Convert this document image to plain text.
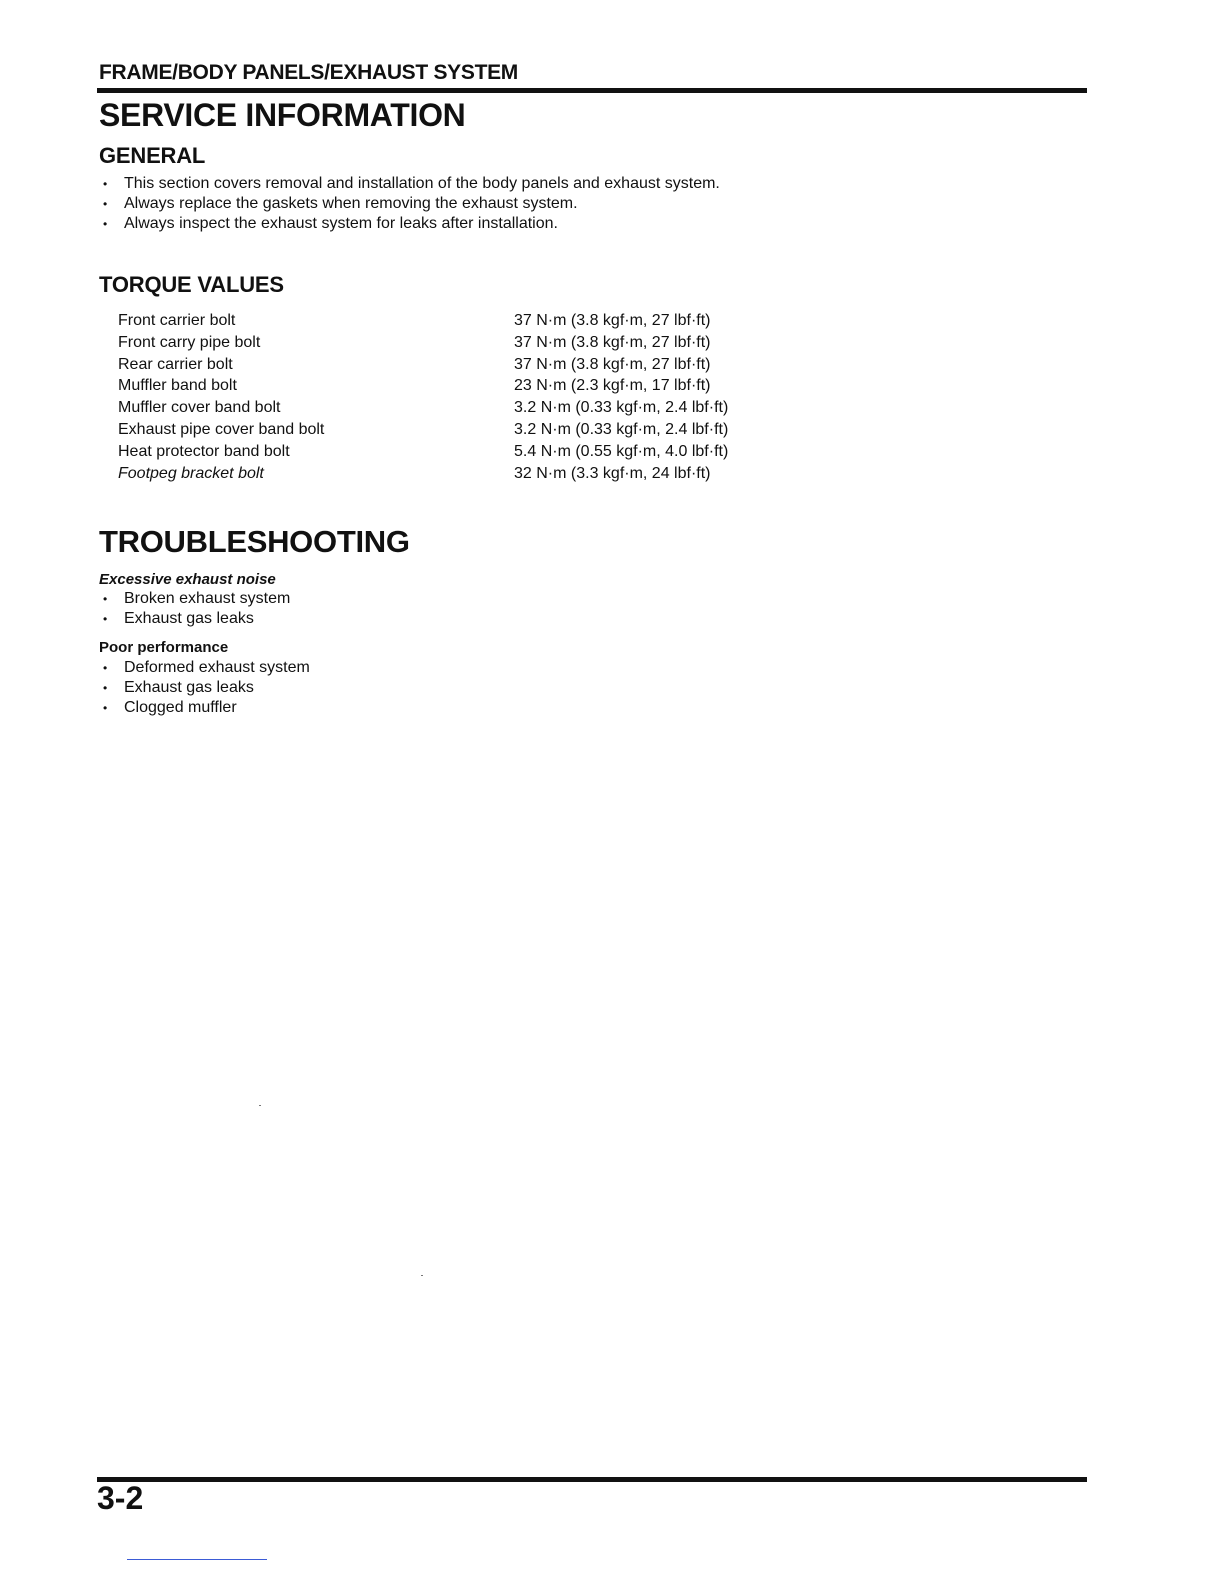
FRAME/BODY PANELS/EXHAUST SYSTEM
SERVICE INFORMATION
GENERAL
• This section covers removal and installation of the body panels and exhaust system.
• Always replace the gaskets when removing the exhaust system.
• Always inspect the exhaust system for leaks after installation.
TORQUE VALUES
Front carrier bolt	37 N·m (3.8 kgf·m, 27 lbf·ft)
Front carry pipe bolt	37 N·m (3.8 kgf·m, 27 lbf·ft)
Rear carrier bolt	37 N·m (3.8 kgf·m, 27 lbf·ft)
Muffler band bolt	23 N·m (2.3 kgf·m, 17 lbf·ft)
Muffler cover band bolt	3.2 N·m (0.33 kgf·m, 2.4 lbf·ft)
Exhaust pipe cover band bolt	3.2 N·m (0.33 kgf·m, 2.4 lbf·ft)
Heat protector band bolt	5.4 N·m (0.55 kgf·m, 4.0 lbf·ft)
Footpeg bracket bolt	32 N·m (3.3 kgf·m, 24 lbf·ft)
TROUBLESHOOTING
Excessive exhaust noise
• Broken exhaust system
• Exhaust gas leaks
Poor performance
• Deformed exhaust system
• Exhaust gas leaks
• Clogged muffler
3-2
